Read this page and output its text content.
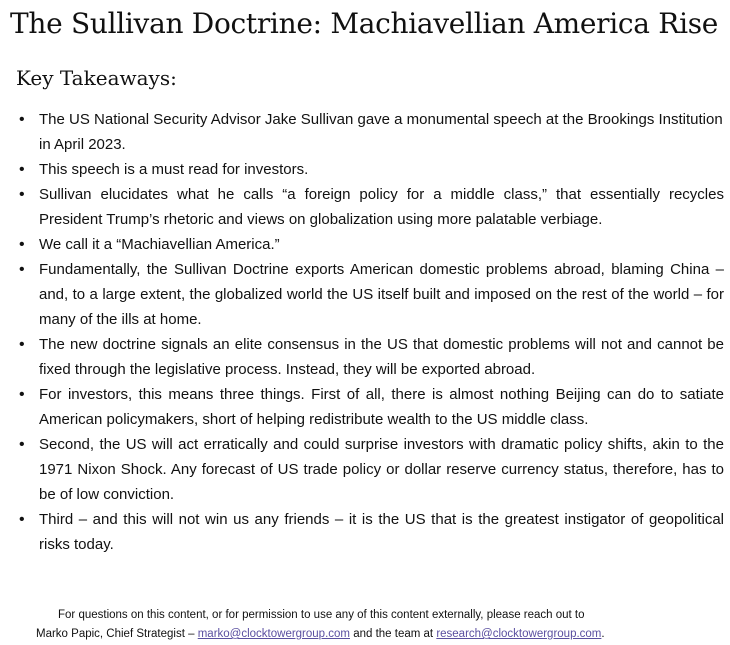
The Sullivan Doctrine: Machiavellian America Rise
Key Takeaways:
• The US National Security Advisor Jake Sullivan gave a monumental speech at the Brookings Institution in April 2023.
• This speech is a must read for investors.
• Sullivan elucidates what he calls “a foreign policy for a middle class,” that essentially recycles President Trump’s rhetoric and views on globalization using more palatable verbiage.
• We call it a “Machiavellian America.”
• Fundamentally, the Sullivan Doctrine exports American domestic problems abroad, blaming China – and, to a large extent, the globalized world the US itself built and imposed on the rest of the world – for many of the ills at home.
• The new doctrine signals an elite consensus in the US that domestic problems will not and cannot be fixed through the legislative process. Instead, they will be exported abroad.
• For investors, this means three things. First of all, there is almost nothing Beijing can do to satiate American policymakers, short of helping redistribute wealth to the US middle class.
• Second, the US will act erratically and could surprise investors with dramatic policy shifts, akin to the 1971 Nixon Shock. Any forecast of US trade policy or dollar reserve currency status, therefore, has to be of low conviction.
• Third – and this will not win us any friends – it is the US that is the greatest instigator of geopolitical risks today.
For questions on this content, or for permission to use any of this content externally, please reach out to
Marko Papic, Chief Strategist – marko@clocktowergroup.com and the team at research@clocktowergroup.com.
